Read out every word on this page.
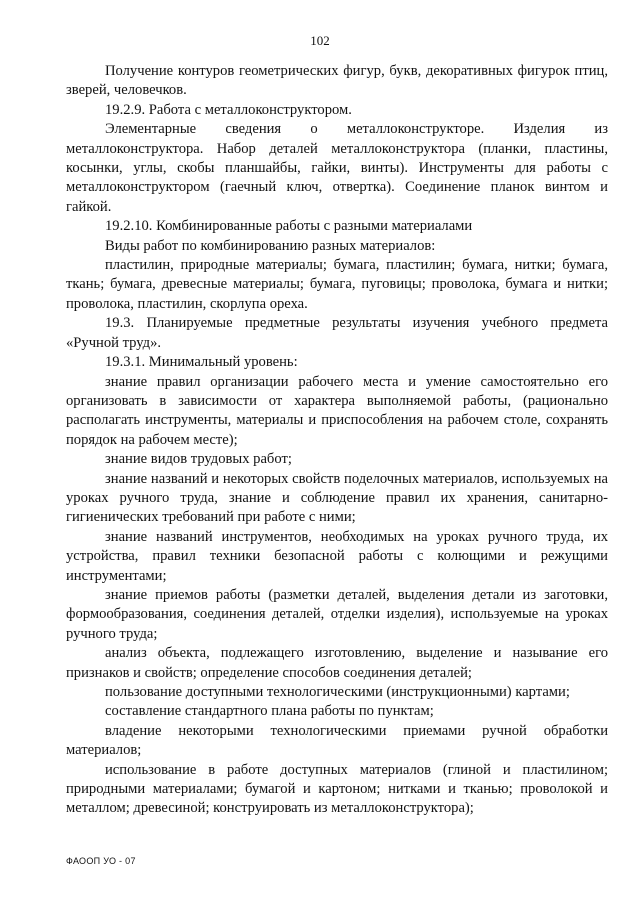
102

Получение контуров геометрических фигур, букв, декоративных фигурок птиц, зверей, человечков.

19.2.9. Работа с металлоконструктором.

Элементарные сведения о металлоконструкторе. Изделия из металлоконструктора. Набор деталей металлоконструктора (планки, пластины, косынки, углы, скобы планшайбы, гайки, винты). Инструменты для работы с металлоконструктором (гаечный ключ, отвертка). Соединение планок винтом и гайкой.

19.2.10. Комбинированные работы с разными материалами

Виды работ по комбинированию разных материалов:

пластилин, природные материалы; бумага, пластилин; бумага, нитки; бумага, ткань; бумага, древесные материалы; бумага, пуговицы; проволока, бумага и нитки; проволока, пластилин, скорлупа ореха.

19.3. Планируемые предметные результаты изучения учебного предмета «Ручной труд».

19.3.1. Минимальный уровень:

знание правил организации рабочего места и умение самостоятельно его организовать в зависимости от характера выполняемой работы, (рационально располагать инструменты, материалы и приспособления на рабочем столе, сохранять порядок на рабочем месте);

знание видов трудовых работ;

знание названий и некоторых свойств поделочных материалов, используемых на уроках ручного труда, знание и соблюдение правил их хранения, санитарно-гигиенических требований при работе с ними;

знание названий инструментов, необходимых на уроках ручного труда, их устройства, правил техники безопасной работы с колющими и режущими инструментами;

знание приемов работы (разметки деталей, выделения детали из заготовки, формообразования, соединения деталей, отделки изделия), используемые на уроках ручного труда;

анализ объекта, подлежащего изготовлению, выделение и называние его признаков и свойств; определение способов соединения деталей;

пользование доступными технологическими (инструкционными) картами;

составление стандартного плана работы по пунктам;

владение некоторыми технологическими приемами ручной обработки материалов;

использование в работе доступных материалов (глиной и пластилином; природными материалами; бумагой и картоном; нитками и тканью; проволокой и металлом; древесиной; конструировать из металлоконструктора);

ФАООП УО - 07
